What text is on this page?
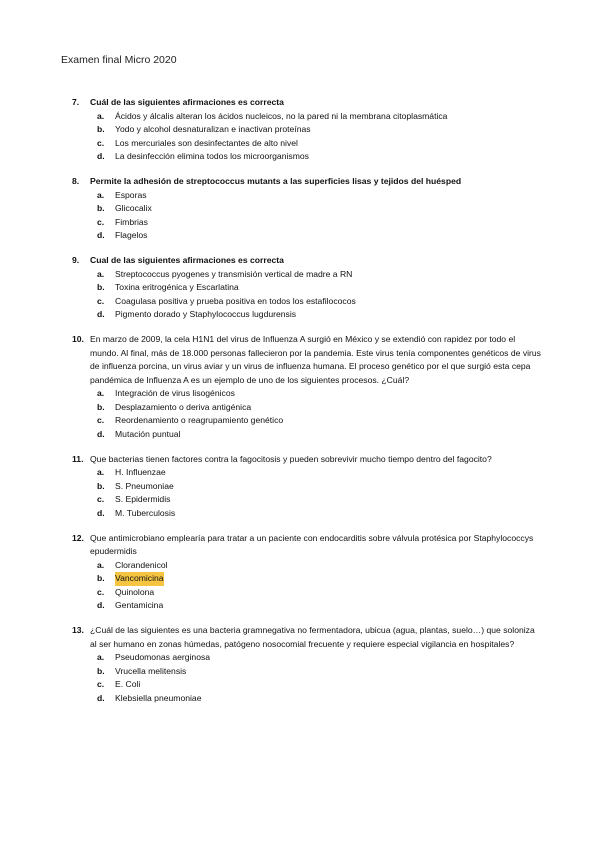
Examen final Micro 2020
7.	Cuál de las siguientes afirmaciones es correcta
a.	Ácidos y álcalis alteran los ácidos nucleicos, no la pared ni la membrana citoplasmática
b.	Yodo y alcohol desnaturalizan e inactivan proteínas
c.	Los mercuriales son desinfectantes de alto nivel
d.	La desinfección elimina todos los microorganismos
8.	Permite la adhesión de streptococcus mutants a las superficies lisas y tejidos del huésped
a.	Esporas
b.	Glicocalix
c.	Fimbrias
d.	Flagelos
9.	Cual de las siguientes afirmaciones es correcta
a.	Streptococcus pyogenes y transmisión vertical de madre a RN
b.	Toxina eritrogénica y Escarlatina
c.	Coagulasa positiva y prueba positiva en todos los estafilococos
d.	Pigmento dorado y Staphylococcus lugdurensis
10. En marzo de 2009, la cela H1N1 del virus de Influenza A surgió en México y se extendió con rapidez por todo el mundo. Al final, más de 18.000 personas fallecieron por la pandemia. Este virus tenía componentes genéticos de virus de influenza porcina, un virus aviar y un virus de influenza humana. El proceso genético por el que surgió esta cepa pandémica de Influenza A es un ejemplo de uno de los siguientes procesos. ¿Cuál?
a.	Integración de virus lisogénicos
b.	Desplazamiento o deriva antigénica
c.	Reordenamiento o reagrupamiento genético
d.	Mutación puntual
11. Que bacterias tienen factores contra la fagocitosis y pueden sobrevivir mucho tiempo dentro del fagocito?
a.	H. Influenzae
b.	S. Pneumoniae
c.	S. Epidermidis
d.	M. Tuberculosis
12. Que antimicrobiano emplearía para tratar a un paciente con endocarditis sobre válvula protésica por Staphylococcys epudermidis
a.	Clorandenicol
b.	Vancomicina
c.	Quinolona
d.	Gentamicina
13. ¿Cuál de las siguientes es una bacteria gramnegativa no fermentadora, ubicua (agua, plantas, suelo…) que soloniza al ser humano en zonas húmedas, patógeno nosocomial frecuente y requiere especial vigilancia en hospitales?
a.	Pseudomonas aerginosa
b.	Vrucella melitensis
c.	E. Coli
d.	Klebsiella pneumoniae
